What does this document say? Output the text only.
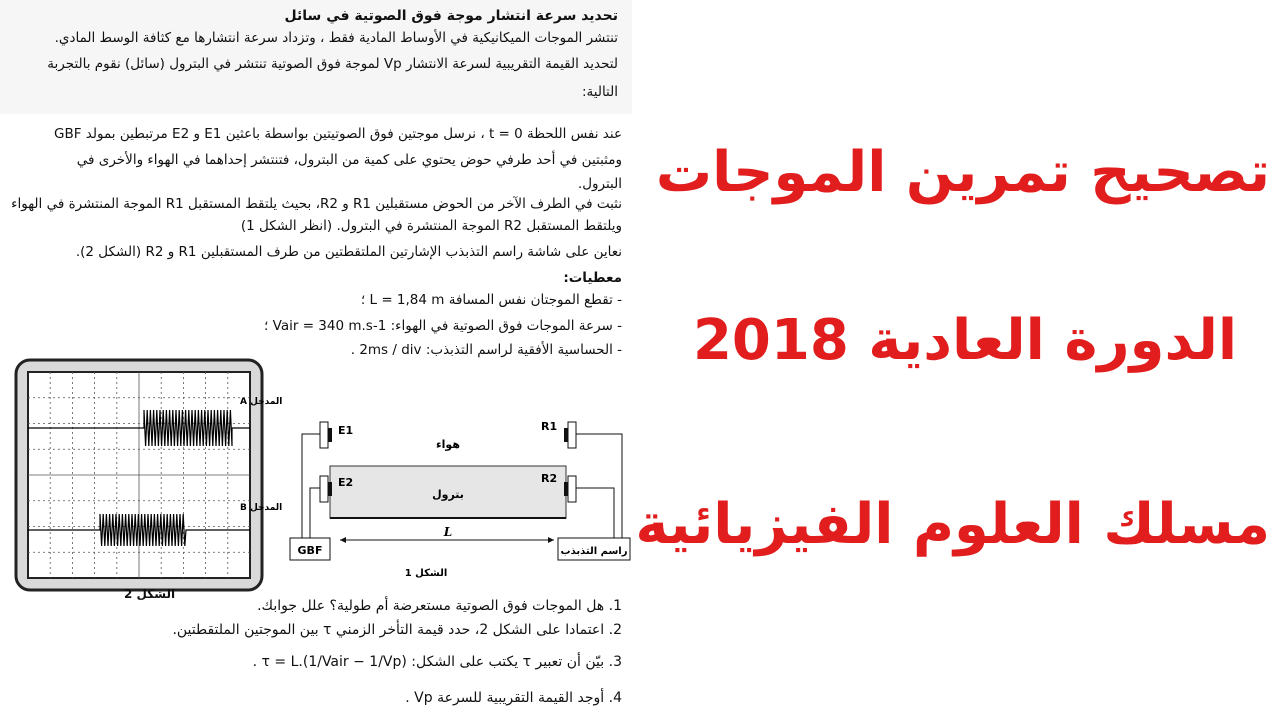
تحديد سرعة انتشار موجة فوق الصوتية في سائل
تنتشر الموجات الميكانيكية في الأوساط المادية فقط ، وتزداد سرعة انتشارها مع كثافة الوسط المادي.
لتحديد القيمة التقريبية لسرعة الانتشار Vp لموجة فوق الصوتية تنتشر في البترول (سائل) نقوم بالتجربة
التالية:
عند نفس اللحظة t = 0 ، نرسل موجتين فوق الصوتيتين بواسطة باعثين E1 و E2 مرتبطين بمولد GBF
ومثبتين في أحد طرفي حوض يحتوي على كمية من البترول، فتنتشر إحداهما في الهواء والأخرى في
البترول.
نثبت في الطرف الآخر من الحوض مستقبلين R1 و R2، بحيث يلتقط المستقبل R1 الموجة المنتشرة في الهواء
ويلتقط المستقبل R2 الموجة المنتشرة في البترول. (انظر الشكل 1)
نعاين على شاشة راسم التذبذب الإشارتين الملتقطتين من طرف المستقبلين R1 و R2 (الشكل 2).
معطيات:
- تقطع الموجتان نفس المسافة L = 1,84 m ؛
- سرعة الموجات فوق الصوتية في الهواء: Vair = 340 m.s-1 ؛
- الحساسية الأفقية لراسم التذبذب: 2ms / div .
المدخل A
المدخل B
الشكل 2
E1
E2
R1
R2
هواء
بترول
GBF	راسم التذبذب
L
الشكل 1
1. هل الموجات فوق الصوتية مستعرضة أم طولية؟ علل جوابك.
2. اعتمادا على الشكل 2، حدد قيمة التأخر الزمني τ بين الموجتين الملتقطتين.
3. بيّن أن تعبير τ يكتب على الشكل: τ = L.(1/Vair − 1/Vp) .
4. أوجد القيمة التقريبية للسرعة Vp .
تصحيح تمرين الموجات
الدورة العادية 2018
مسلك العلوم الفيزيائية
